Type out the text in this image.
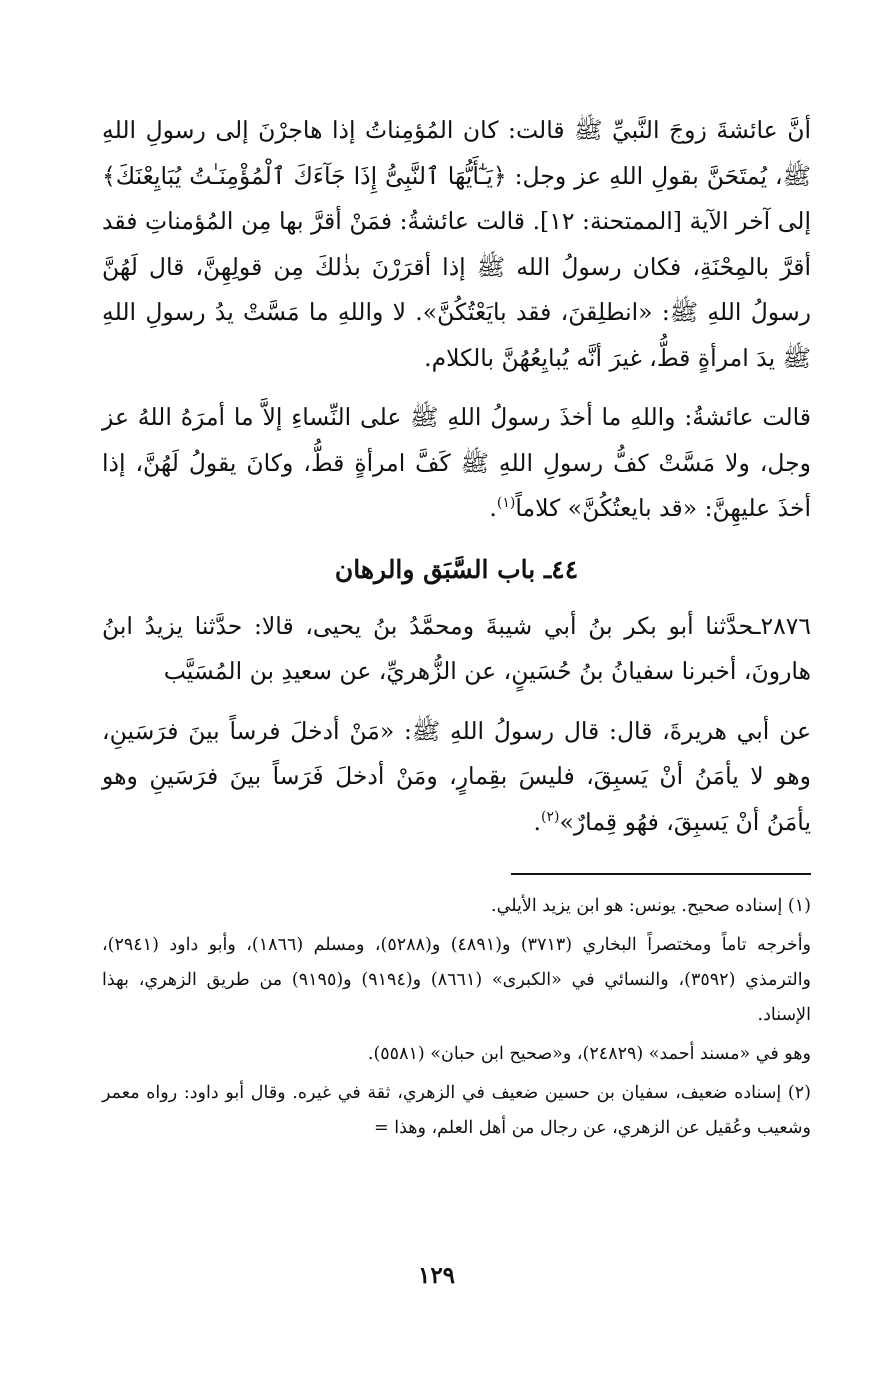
أنَّ عائشةَ زوجَ النَّبيِّ ﷺ قالت: كان المُؤمِناتُ إذا هاجرْنَ إلى رسولِ اللهِ ﷺ، يُمتَحَنَّ بقولِ اللهِ عز وجل: ﴿يَـٰٓأَيُّهَا ٱلنَّبِىُّ إِذَا جَآءَكَ ٱلْمُؤْمِنَـٰتُ يُبَايِعْنَكَ﴾ إلى آخر الآية [الممتحنة: ١٢]. قالت عائشةُ: فمَنْ أقرَّ بها مِن المُؤمناتِ فقد أقرَّ بالمِحْنَةِ، فكان رسولُ الله ﷺ إذا أقرَرْنَ بذٰلكَ مِن قولِهِنَّ، قال لَهُنَّ رسولُ اللهِ ﷺ: «انطلِقنَ، فقد بايَعْتُكُنَّ». لا واللهِ ما مَسَّتْ يدُ رسولِ اللهِ ﷺ يدَ امرأةٍ قطُّ، غيرَ أنَّه يُبايِعُهُنَّ بالكلام.

قالت عائشةُ: واللهِ ما أخذَ رسولُ اللهِ ﷺ على النِّساءِ إلاَّ ما أمرَهُ اللهُ عز وجل، ولا مَسَّتْ كفُّ رسولِ اللهِ ﷺ كَفَّ امرأةٍ قطُّ، وكانَ يقولُ لَهُنَّ، إذا أخذَ عليهِنَّ: «قد بايعتُكُنَّ» كلاماً$^{(١)}$.

٤٤ـ باب السَّبَق والرهان

٢٨٧٦ـحدَّثنا أبو بكر بنُ أبي شيبةَ ومحمَّدُ بنُ يحيى، قالا: حدَّثنا يزيدُ ابنُ هارونَ، أخبرنا سفيانُ بنُ حُسَينٍ، عن الزُّهريِّ، عن سعيدِ بن المُسَيَّب

عن أبي هريرةَ، قال: قال رسولُ اللهِ ﷺ: «مَنْ أدخلَ فرساً بينَ فرَسَينِ، وهو لا يأمَنُ أنْ يَسبِقَ، فليسَ بقِمارٍ، ومَنْ أدخلَ فَرَساً بينَ فرَسَينِ وهو يأمَنُ أنْ يَسبِقَ، فهُو قِمارٌ»$^{(٢)}$.

(١) إسناده صحيح. يونس: هو ابن يزيد الأيلي.

وأخرجه تاماً ومختصراً البخاري (٣٧١٣) و(٤٨٩١) و(٥٢٨٨)، ومسلم (١٨٦٦)، وأبو داود (٢٩٤١)، والترمذي (٣٥٩٢)، والنسائي في «الكبرى» (٨٦٦١) و(٩١٩٤) و(٩١٩٥) من طريق الزهري، بهذا الإسناد.

وهو في «مسند أحمد» (٢٤٨٢٩)، و«صحيح ابن حبان» (٥٥٨١).

(٢) إسناده ضعيف، سفيان بن حسين ضعيف في الزهري، ثقة في غيره. وقال أبو داود: رواه معمر وشعيب وعُقيل عن الزهري، عن رجال من أهل العلم، وهذا =

١٢٩
